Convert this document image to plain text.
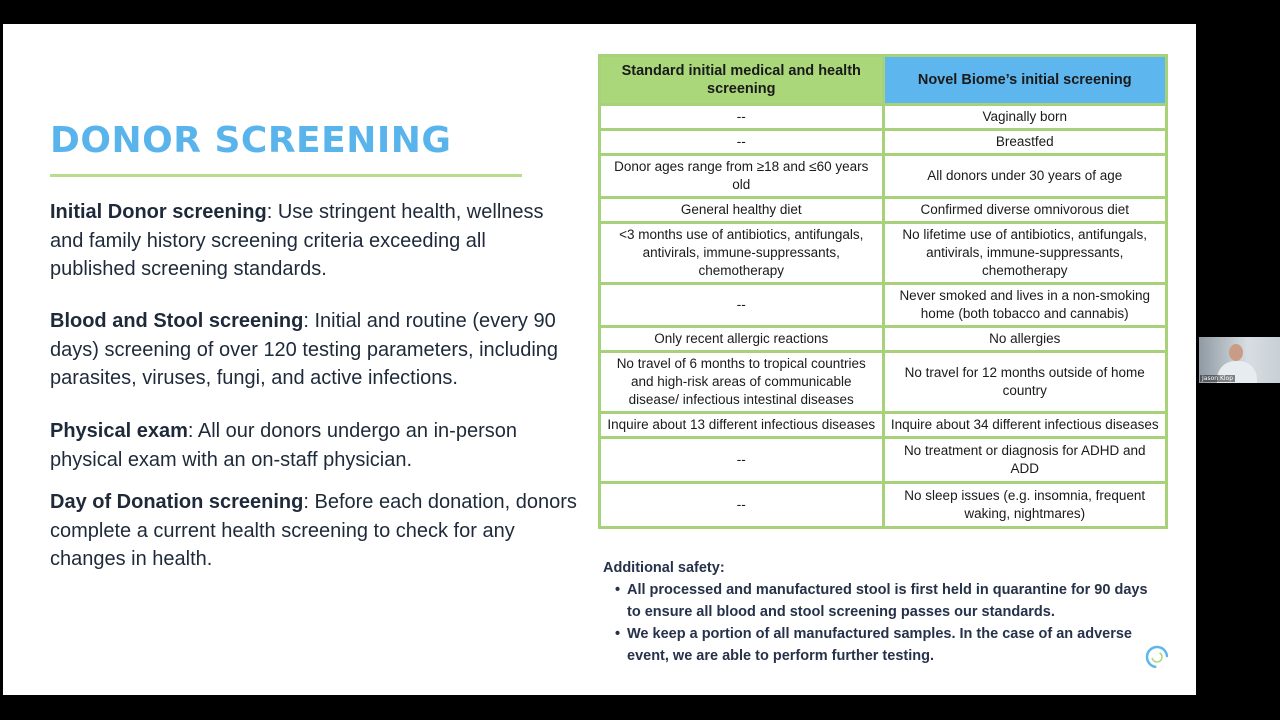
DONOR SCREENING

Initial Donor screening: Use stringent health, wellness and family history screening criteria exceeding all published screening standards.

Blood and Stool screening: Initial and routine (every 90 days) screening of over 120 testing parameters, including parasites, viruses, fungi, and active infections.

Physical exam: All our donors undergo an in-person physical exam with an on-staff physician.

Day of Donation screening: Before each donation, donors complete a current health screening to check for any changes in health.

Standard initial medical and health screening	Novel Biome’s initial screening
--	Vaginally born
--	Breastfed
Donor ages range from ≥18 and ≤60 years old	All donors under 30 years of age
General healthy diet	Confirmed diverse omnivorous diet
<3 months use of antibiotics, antifungals, antivirals, immune-suppressants, chemotherapy	No lifetime use of antibiotics, antifungals, antivirals, immune-suppressants, chemotherapy
--	Never smoked and lives in a non-smoking home (both tobacco and cannabis)
Only recent allergic reactions	No allergies
No travel of 6 months to tropical countries and high-risk areas of communicable disease/ infectious intestinal diseases	No travel for 12 months outside of home country
Inquire about 13 different infectious diseases	Inquire about 34 different infectious diseases
--	No treatment or diagnosis for ADHD and ADD
--	No sleep issues (e.g. insomnia, frequent waking, nightmares)

Additional safety:

• All processed and manufactured stool is first held in quarantine for 90 days to ensure all blood and stool screening passes our standards.
• We keep a portion of all manufactured samples. In the case of an adverse event, we are able to perform further testing.
Jason Klop
